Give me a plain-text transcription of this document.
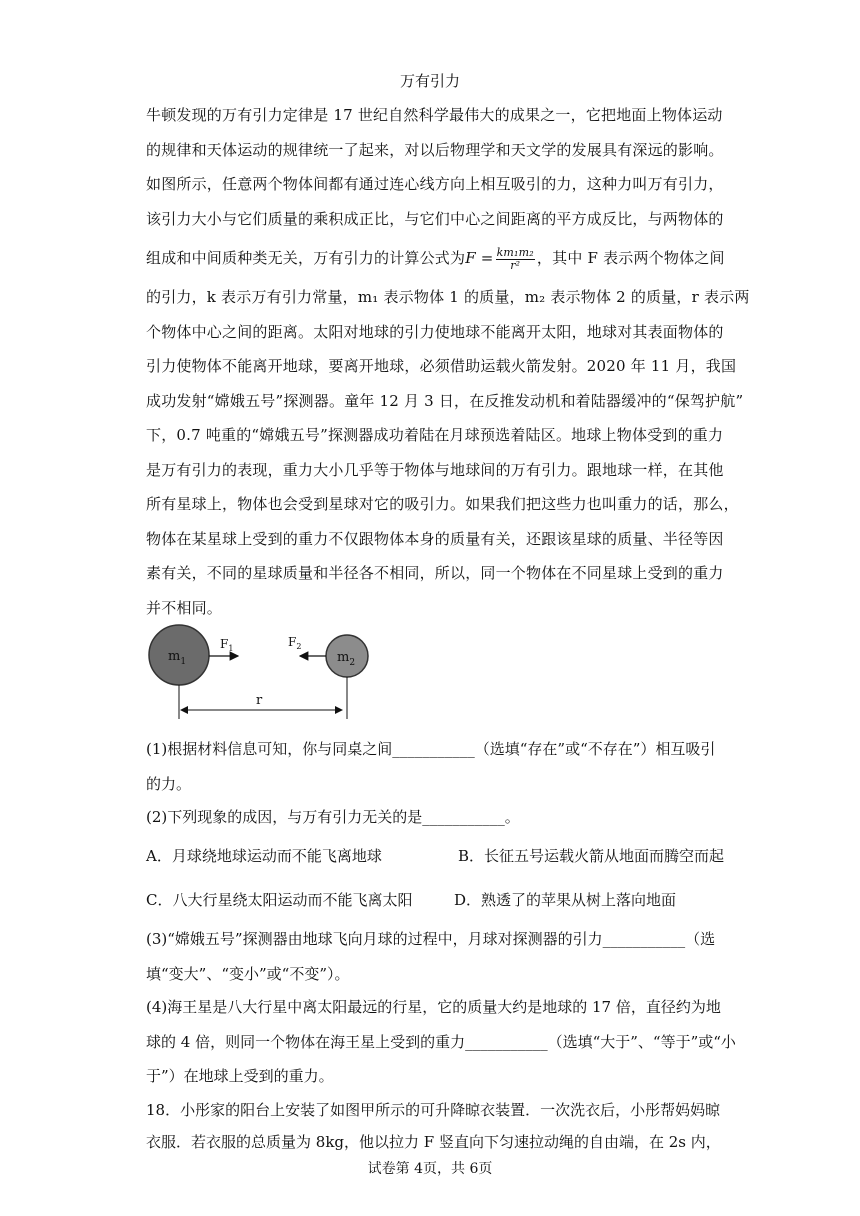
万有引力
牛顿发现的万有引力定律是 17 世纪自然科学最伟大的成果之一，它把地面上物体运动
的规律和天体运动的规律统一了起来，对以后物理学和天文学的发展具有深远的影响。
如图所示，任意两个物体间都有通过连心线方向上相互吸引的力，这种力叫万有引力，
该引力大小与它们质量的乘积成正比，与它们中心之间距离的平方成反比，与两物体的
组成和中间质种类无关，万有引力的计算公式为$F = \frac{\text{km₁m₂}}{\text{r²}}$ ，其中 F 表示两个物体之间
的引力，k 表示万有引力常量，m₁ 表示物体 1 的质量，m₂ 表示物体 2 的质量，r 表示两
个物体中心之间的距离。太阳对地球的引力使地球不能离开太阳，地球对其表面物体的
引力使物体不能离开地球，要离开地球，必须借助运载火箭发射。2020 年 11 月，我国
成功发射“嫦娥五号”探测器。童年 12 月 3 日，在反推发动机和着陆器缓冲的“保驾护航”
下，0.7 吨重的“嫦娥五号”探测器成功着陆在月球预选着陆区。地球上物体受到的重力
是万有引力的表现，重力大小几乎等于物体与地球间的万有引力。跟地球一样，在其他
所有星球上，物体也会受到星球对它的吸引力。如果我们把这些力也叫重力的话，那么，
物体在某星球上受到的重力不仅跟物体本身的质量有关，还跟该星球的质量、半径等因
素有关，不同的星球质量和半径各不相同，所以，同一个物体在不同星球上受到的重力
并不相同。
$m_1$
$F_1$
$m_2$
$F_2$
r
(1)根据材料信息可知，你与同桌之间___________（选填“存在”或“不存在”）相互吸引
的力。
(2)下列现象的成因，与万有引力无关的是___________。
A．月球绕地球运动而不能飞离地球	B．长征五号运载火箭从地面而腾空而起
C．八大行星绕太阳运动而不能飞离太阳	D．熟透了的苹果从树上落向地面
(3)“嫦娥五号”探测器由地球飞向月球的过程中，月球对探测器的引力___________（选
填“变大”、“变小”或“不变”）。
(4)海王星是八大行星中离太阳最远的行星，它的质量大约是地球的 17 倍，直径约为地
球的 4 倍，则同一个物体在海王星上受到的重力___________（选填“大于”、“等于”或“小
于”）在地球上受到的重力。
18．小彤家的阳台上安装了如图甲所示的可升降晾衣装置．一次洗衣后，小彤帮妈妈晾
衣服．若衣服的总质量为 8kg，他以拉力 F 竖直向下匀速拉动绳的自由端，在 2s 内，
试卷第 4页，共 6页
